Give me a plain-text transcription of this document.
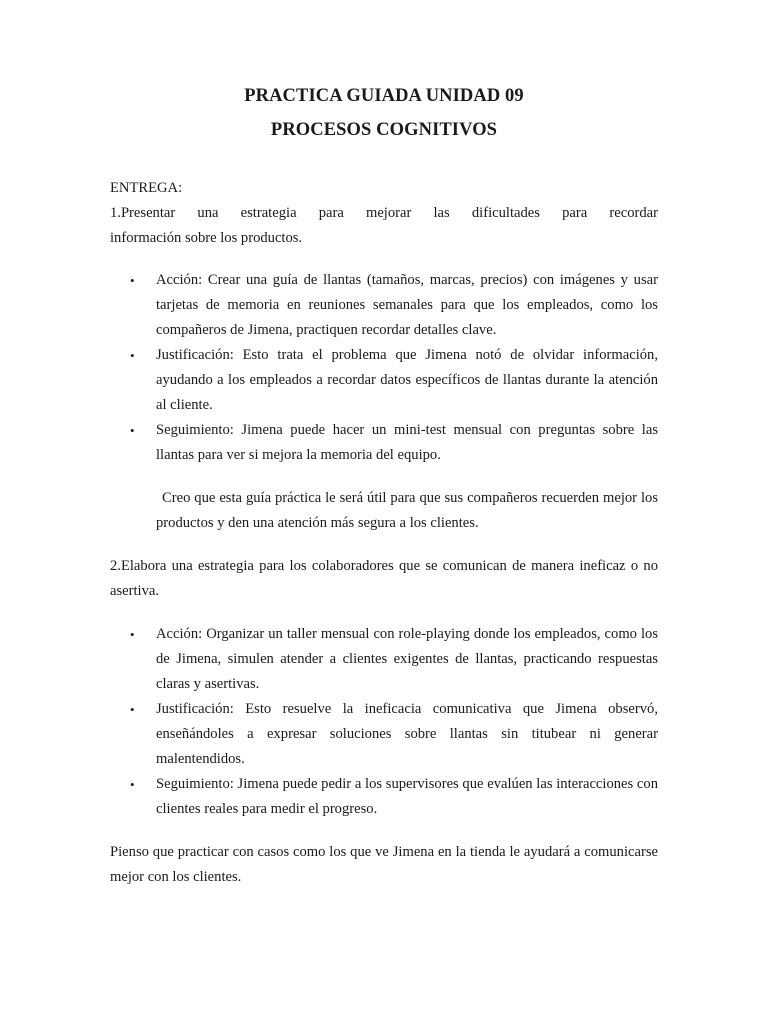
PRACTICA GUIADA UNIDAD 09
PROCESOS COGNITIVOS
ENTREGA:
1.Presentar una estrategia para mejorar las dificultades para recordar
información sobre los productos.
• Acción: Crear una guía de llantas (tamaños, marcas, precios) con imágenes y usar tarjetas de memoria en reuniones semanales para que los empleados, como los compañeros de Jimena, practiquen recordar detalles clave.
• Justificación: Esto trata el problema que Jimena notó de olvidar información, ayudando a los empleados a recordar datos específicos de llantas durante la atención al cliente.
• Seguimiento: Jimena puede hacer un mini-test mensual con preguntas sobre las llantas para ver si mejora la memoria del equipo.
Creo que esta guía práctica le será útil para que sus compañeros recuerden mejor los productos y den una atención más segura a los clientes.
2.Elabora una estrategia para los colaboradores que se comunican de manera ineficaz o no asertiva.
• Acción: Organizar un taller mensual con role-playing donde los empleados, como los de Jimena, simulen atender a clientes exigentes de llantas, practicando respuestas claras y asertivas.
• Justificación: Esto resuelve la ineficacia comunicativa que Jimena observó, enseñándoles a expresar soluciones sobre llantas sin titubear ni generar malentendidos.
• Seguimiento: Jimena puede pedir a los supervisores que evalúen las interacciones con clientes reales para medir el progreso.
Pienso que practicar con casos como los que ve Jimena en la tienda le ayudará a comunicarse mejor con los clientes.
